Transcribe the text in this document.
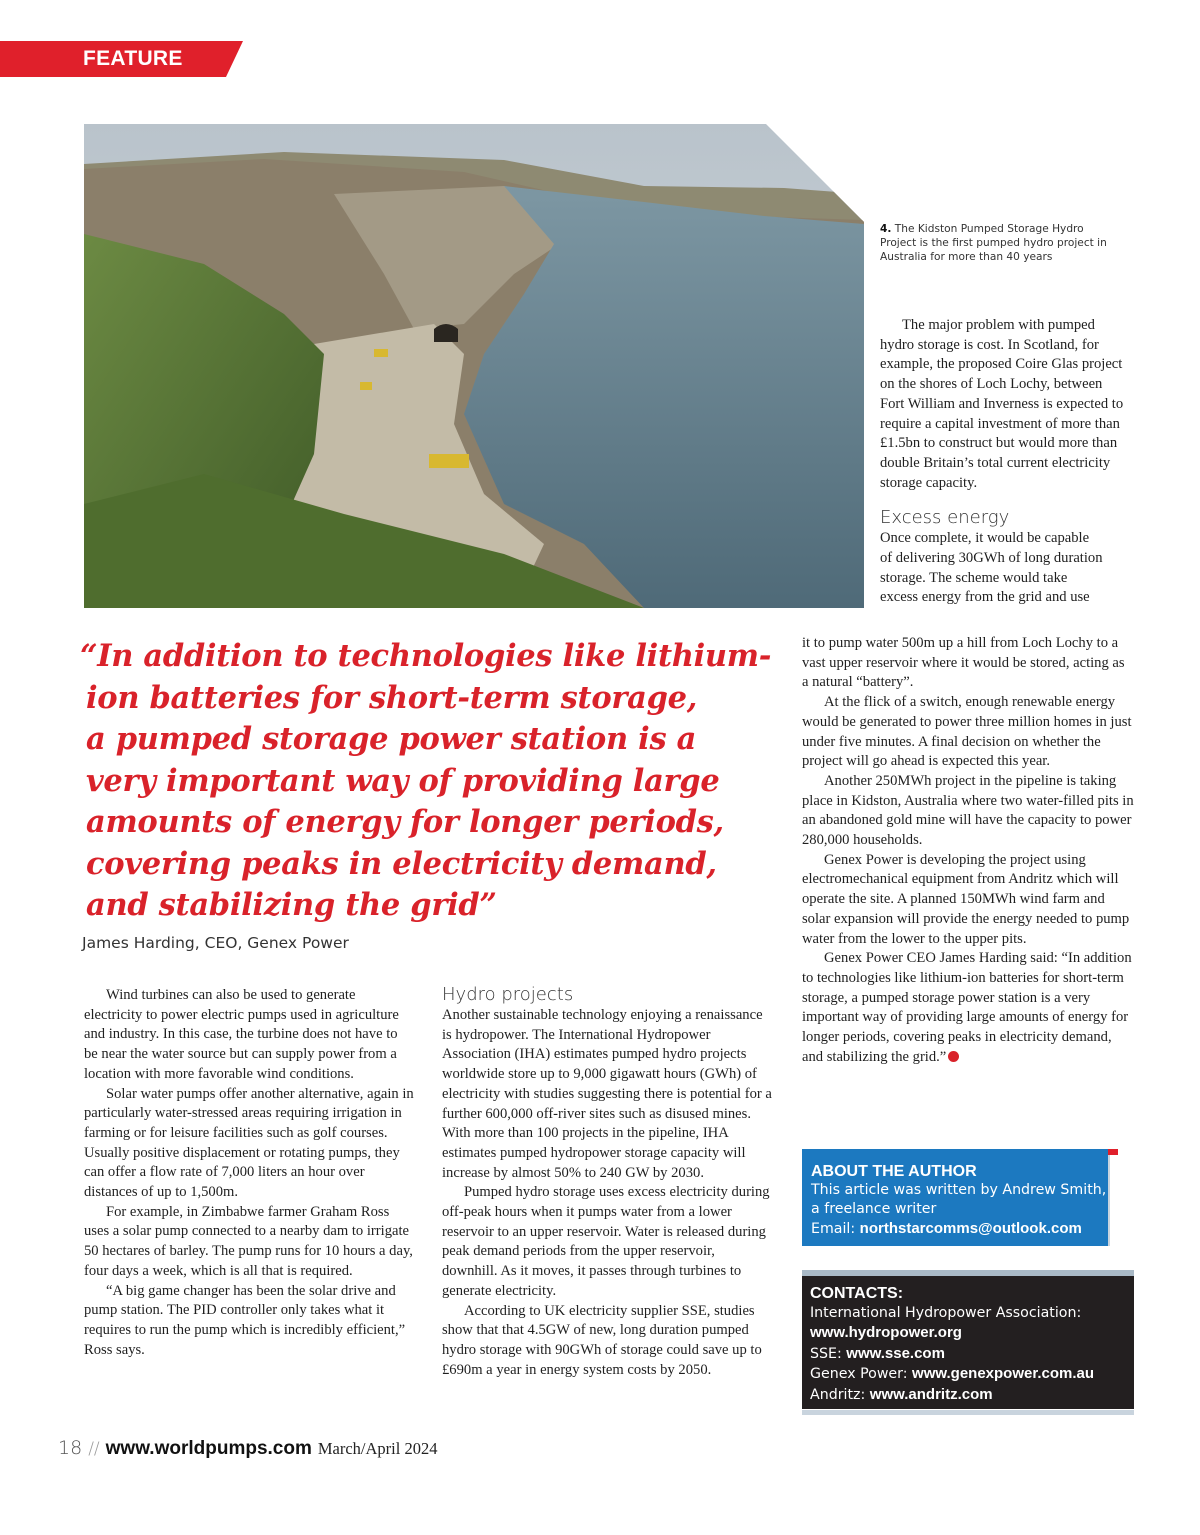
FEATURE
4. The Kidston Pumped Storage Hydro Project is the first pumped hydro project in Australia for more than 40 years

The major problem with pumped hydro storage is cost. In Scotland, for example, the proposed Coire Glas project on the shores of Loch Lochy, between Fort William and Inverness is expected to require a capital investment of more than £1.5bn to construct but would more than double Britain’s total current electricity storage capacity.

Excess energy
Once complete, it would be capable
of delivering 30GWh of long duration
storage. The scheme would take
excess energy from the grid and use

it to pump water 500m up a hill from Loch Lochy to a vast upper reservoir where it would be stored, acting as a natural “battery”.

At the flick of a switch, enough renewable energy would be generated to power three million homes in just under five minutes. A final decision on whether the project will go ahead is expected this year.

Another 250MWh project in the pipeline is taking place in Kidston, Australia where two water-filled pits in an abandoned gold mine will have the capacity to power 280,000 households.

Genex Power is developing the project using electromechanical equipment from Andritz which will operate the site. A planned 150MWh wind farm and solar expansion will provide the energy needed to pump water from the lower to the upper pits.

Genex Power CEO James Harding said: “In addition to technologies like lithium-ion batteries for short-term storage, a pumped storage power station is a very important way of providing large amounts of energy for longer periods, covering peaks in electricity demand, and stabilizing the grid.”

“In addition to technologies like lithium-
ion batteries for short-term storage,
a pumped storage power station is a
very important way of providing large
amounts of energy for longer periods,
covering peaks in electricity demand,
and stabilizing the grid”
James Harding, CEO, Genex Power

Wind turbines can also be used to generate electricity to power electric pumps used in agriculture and industry. In this case, the turbine does not have to be near the water source but can supply power from a location with more favorable wind conditions.

Solar water pumps offer another alternative, again in particularly water-stressed areas requiring irrigation in farming or for leisure facilities such as golf courses. Usually positive displacement or rotating pumps, they can offer a flow rate of 7,000 liters an hour over distances of up to 1,500m.

For example, in Zimbabwe farmer Graham Ross uses a solar pump connected to a nearby dam to irrigate 50 hectares of barley. The pump runs for 10 hours a day, four days a week, which is all that is required.

“A big game changer has been the solar drive and pump station. The PID controller only takes what it requires to run the pump which is incredibly efficient,” Ross says.

Hydro projects

Another sustainable technology enjoying a renaissance is hydropower. The International Hydropower Association (IHA) estimates pumped hydro projects worldwide store up to 9,000 gigawatt hours (GWh) of electricity with studies suggesting there is potential for a further 600,000 off-river sites such as disused mines. With more than 100 projects in the pipeline, IHA estimates pumped hydropower storage capacity will increase by almost 50% to 240 GW by 2030.

Pumped hydro storage uses excess electricity during off-peak hours when it pumps water from a lower reservoir to an upper reservoir. Water is released during peak demand periods from the upper reservoir, downhill. As it moves, it passes through turbines to generate electricity.

According to UK electricity supplier SSE, studies show that that 4.5GW of new, long duration pumped hydro storage with 90GWh of storage could save up to £690m a year in energy system costs by 2050.

ABOUT THE AUTHOR
This article was written by Andrew Smith,
a freelance writer
Email: northstarcomms@outlook.com
CONTACTS:
International Hydropower Association:
www.hydropower.org
SSE: www.sse.com
Genex Power: www.genexpower.com.au
Andritz: www.andritz.com
18 // www.worldpumps.com March/April 2024
